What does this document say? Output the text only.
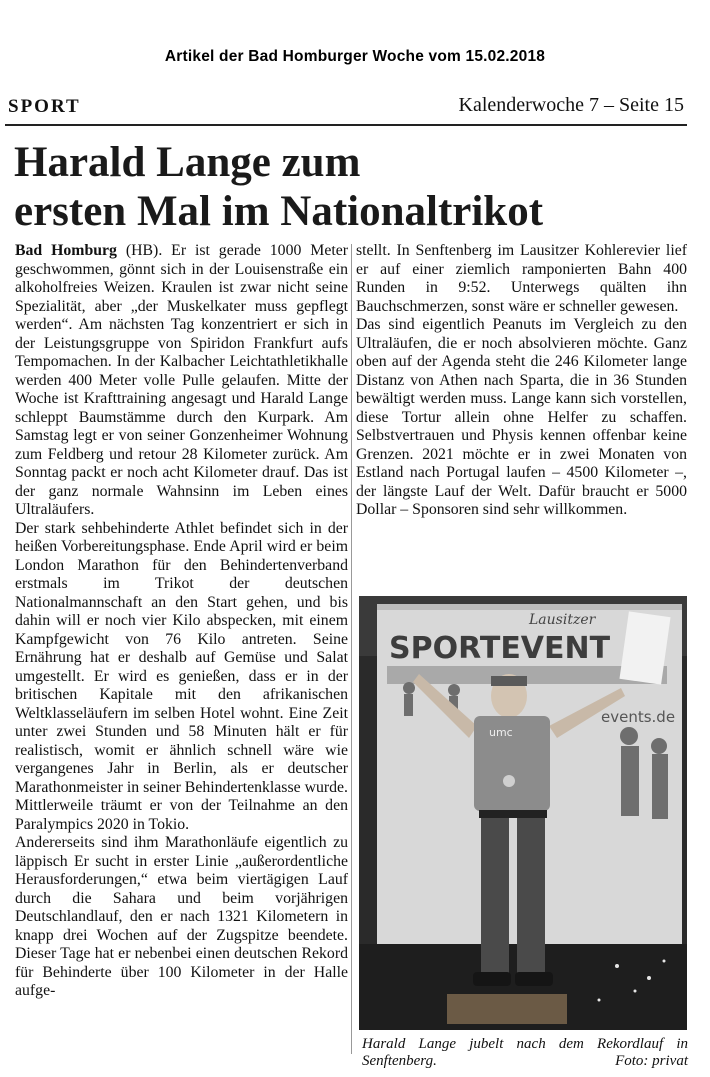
Artikel der Bad Homburger Woche vom 15.02.2018
SPORT	Kalenderwoche 7 – Seite 15
Harald Lange zum
ersten Mal im Nationaltrikot

Bad Homburg (HB). Er ist gerade 1000 Meter geschwommen, gönnt sich in der Louisenstraße ein alkoholfreies Weizen. Kraulen ist zwar nicht seine Spezialität, aber „der Muskelkater muss gepflegt werden“. Am nächsten Tag konzentriert er sich in der Leistungsgruppe von Spiridon Frankfurt aufs Tempomachen. In der Kalbacher Leichtathletikhalle werden 400 Meter volle Pulle gelaufen. Mitte der Woche ist Krafttraining angesagt und Harald Lange schleppt Baumstämme durch den Kurpark. Am Samstag legt er von seiner Gonzenheimer Wohnung zum Feldberg und retour 28 Kilometer zurück. Am Sonntag packt er noch acht Kilometer drauf. Das ist der ganz normale Wahnsinn im Leben eines Ultraläufers.

Der stark sehbehinderte Athlet befindet sich in der heißen Vorbereitungsphase. Ende April wird er beim London Marathon für den Behindertenverband erstmals im Trikot der deutschen Nationalmannschaft an den Start gehen, und bis dahin will er noch vier Kilo abspecken, mit einem Kampfgewicht von 76 Kilo antreten. Seine Ernährung hat er deshalb auf Gemüse und Salat umgestellt. Er wird es genießen, dass er in der britischen Kapitale mit den afrikanischen Weltklasseläufern im selben Hotel wohnt. Eine Zeit unter zwei Stunden und 58 Minuten hält er für realistisch, womit er ähnlich schnell wäre wie vergangenes Jahr in Berlin, als er deutscher Marathonmeister in seiner Behindertenklasse wurde. Mittlerweile träumt er von der Teilnahme an den Paralympics 2020 in Tokio.

Andererseits sind ihm Marathonläufe eigentlich zu läppisch Er sucht in erster Linie „außerordentliche Herausforderungen,“ etwa beim viertägigen Lauf durch die Sahara und beim vorjährigen Deutschlandlauf, den er nach 1321 Kilometern in knapp drei Wochen auf der Zugspitze beendete. Dieser Tage hat er nebenbei einen deutschen Rekord für Behinderte über 100 Kilometer in der Halle aufge-

stellt. In Senftenberg im Lausitzer Kohlerevier lief er auf einer ziemlich ramponierten Bahn 400 Runden in 9:52. Unterwegs quälten ihn Bauchschmerzen, sonst wäre er schneller gewesen.

Das sind eigentlich Peanuts im Vergleich zu den Ultraläufen, die er noch absolvieren möchte. Ganz oben auf der Agenda steht die 246 Kilometer lange Distanz von Athen nach Sparta, die in 36 Stunden bewältigt werden muss. Lange kann sich vorstellen, diese Tortur allein ohne Helfer zu schaffen. Selbstvertrauen und Physis kennen offenbar keine Grenzen. 2021 möchte er in zwei Monaten von Estland nach Portugal laufen – 4500 Kilometer –, der längste Lauf der Welt. Dafür braucht er 5000 Dollar – Sponsoren sind sehr willkommen.

Lausitzer
SPORTEVENT
events.de
umc
Harald Lange jubelt nach dem Rekordlauf in Senftenberg.	Foto: privat
